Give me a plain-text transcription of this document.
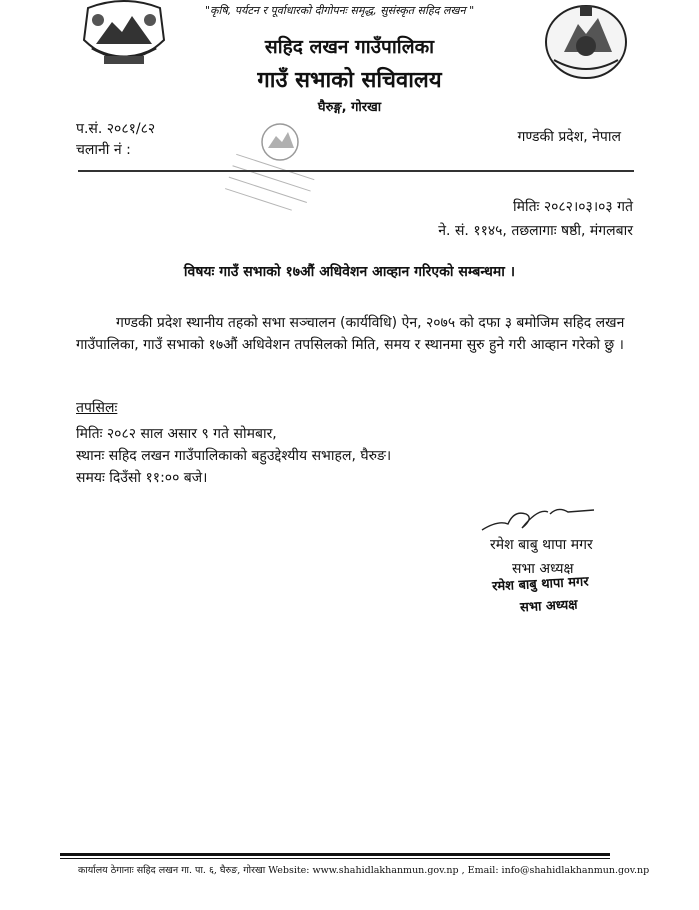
"कृषि, पर्यटन र पूर्वाधारको दीगोपनः समृद्ध, सुसंस्कृत सहिद लखन "
सहिद लखन गाउँपालिका
गाउँ सभाको सचिवालय
घैरुङ्ग, गोरखा
प.सं. २०८१/८२
चलानी नं :
गण्डकी प्रदेश, नेपाल
मितिः २०८२।०३।०३ गते
ने. सं. ११४५, तछलागाः षष्ठी, मंगलबार
विषयः गाउँ सभाको १७औं अधिवेशन आव्हान गरिएको सम्बन्धमा ।
गण्डकी प्रदेश स्थानीय तहको सभा सञ्चालन (कार्यविधि) ऐन, २०७५ को दफा ३ बमोजिम सहिद लखन गाउँपालिका, गाउँ सभाको १७औं अधिवेशन तपसिलको मिति, समय र स्थानमा सुरु हुने गरी आव्हान गरेको छु ।
तपसिलः
मितिः २०८२ साल असार ९ गते सोमबार,
स्थानः सहिद लखन गाउँपालिकाको बहुउद्देश्यीय सभाहल, घैरुङ।
समयः दिउँसो ११:०० बजे।
रमेश बाबु थापा मगर
सभा अध्यक्ष
रमेश बाबु थापा मगर
सभा अध्यक्ष
कार्यालय ठेगानाः सहिद लखन गा. पा. ६, घैरुङ, गोरखा Website: www.shahidlakhanmun.gov.np , Email: info@shahidlakhanmun.gov.np
